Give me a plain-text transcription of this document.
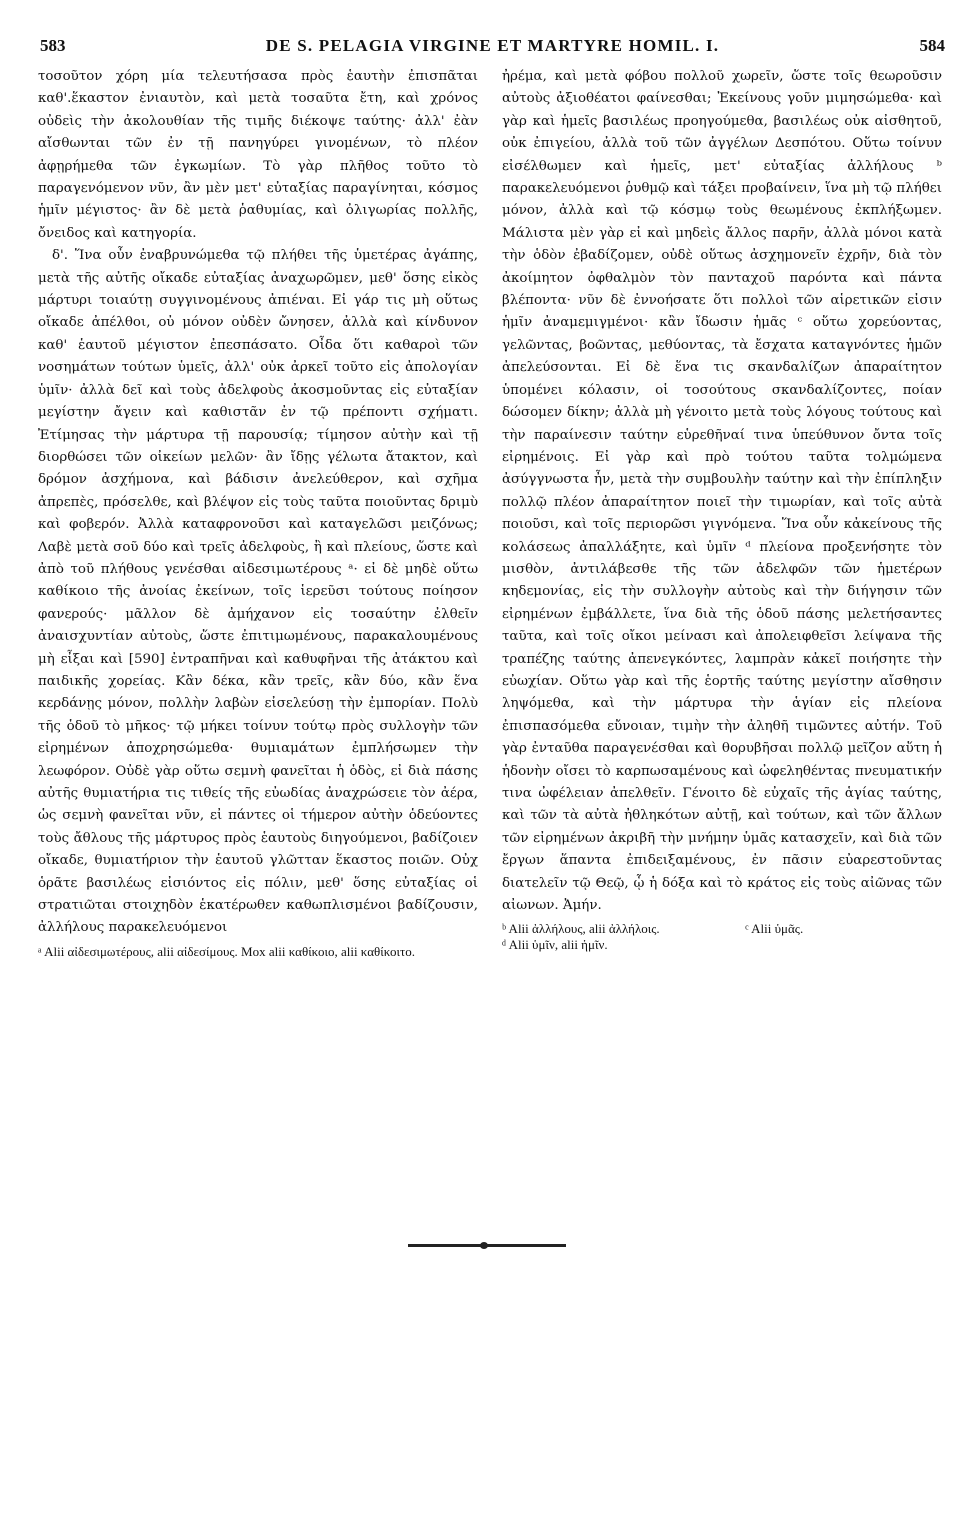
583	DE S. PELAGIA VIRGINE ET MARTYRE HOMIL. I.	584

τοσοῦτον χόρη μία τελευτήσασα πρὸς ἑαυτὴν ἐπισπᾶται καθ'.ἕκαστον ἐνιαυτὸν, καὶ μετὰ τοσαῦτα ἔτη, καὶ χρόνος οὐδεὶς τὴν ἀκολουθίαν τῆς τιμῆς διέκοψε ταύτης· ἀλλ' ἐὰν αἴσθωνται τῶν ἐν τῇ πανηγύρει γινομένων, τὸ πλέον ἀφῃρήμεθα τῶν ἐγκωμίων. Τὸ γὰρ πλῆθος τοῦτο τὸ παραγενόμενον νῦν, ἂν μὲν μετ' εὐταξίας παραγίνηται, κόσμος ἡμῖν μέγιστος· ἂν δὲ μετὰ ῥαθυμίας, καὶ ὀλιγωρίας πολλῆς, ὄνειδος καὶ κατηγορία.

δ'. Ἵνα οὖν ἐναβρυνώμεθα τῷ πλήθει τῆς ὑμετέρας ἀγάπης, μετὰ τῆς αὐτῆς οἴκαδε εὐταξίας ἀναχωρῶμεν, μεθ' ὅσης εἰκὸς μάρτυρι τοιαύτῃ συγγινομένους ἀπιέναι. Εἰ γάρ τις μὴ οὕτως οἴκαδε ἀπέλθοι, οὐ μόνον οὐδὲν ὤνησεν, ἀλλὰ καὶ κίνδυνον καθ' ἑαυτοῦ μέγιστον ἐπεσπάσατο. Οἶδα ὅτι καθαροὶ τῶν νοσημάτων τούτων ὑμεῖς, ἀλλ' οὐκ ἀρκεῖ τοῦτο εἰς ἀπολογίαν ὑμῖν· ἀλλὰ δεῖ καὶ τοὺς ἀδελφοὺς ἀκοσμοῦντας εἰς εὐταξίαν μεγίστην ἄγειν καὶ καθιστᾶν ἐν τῷ πρέποντι σχήματι. Ἐτίμησας τὴν μάρτυρα τῇ παρουσίᾳ; τίμησον αὐτὴν καὶ τῇ διορθώσει τῶν οἰκείων μελῶν· ἂν ἴδῃς γέλωτα ἄτακτον, καὶ δρόμον ἀσχήμονα, καὶ βάδισιν ἀνελεύθερον, καὶ σχῆμα ἀπρεπὲς, πρόσελθε, καὶ βλέψον εἰς τοὺς ταῦτα ποιοῦντας δριμὺ καὶ φοβερόν. Ἀλλὰ καταφρονοῦσι καὶ καταγελῶσι μειζόνως; Λαβὲ μετὰ σοῦ δύο καὶ τρεῖς ἀδελφοὺς, ἢ καὶ πλείους, ὥστε καὶ ἀπὸ τοῦ πλήθους γενέσθαι αἰδεσιμωτέρους ᵃ· εἰ δὲ μηδὲ οὕτω καθίκοιο τῆς ἀνοίας ἐκείνων, τοῖς ἱερεῦσι τούτους ποίησον φανερούς· μᾶλλον δὲ ἀμήχανον εἰς τοσαύτην ἐλθεῖν ἀναισχυντίαν αὐτοὺς, ὥστε ἐπιτιμωμένους, παρακαλουμένους μὴ εἶξαι καὶ [590] ἐντραπῆναι καὶ καθυφῆναι τῆς ἀτάκτου καὶ παιδικῆς χορείας. Κἂν δέκα, κἂν τρεῖς, κἂν δύο, κἂν ἕνα κερδάνῃς μόνον, πολλὴν λαβὼν εἰσελεύσῃ τὴν ἐμπορίαν. Πολὺ τῆς ὁδοῦ τὸ μῆκος· τῷ μήκει τοίνυν τούτῳ πρὸς συλλογὴν τῶν εἰρημένων ἀποχρησώμεθα· θυμιαμάτων ἐμπλήσωμεν τὴν λεωφόρον. Οὐδὲ γὰρ οὕτω σεμνὴ φανεῖται ἡ ὁδὸς, εἰ διὰ πάσης αὐτῆς θυμιατήρια τις τιθείς τῆς εὐωδίας ἀναχρώσειε τὸν ἀέρα, ὡς σεμνὴ φανεῖται νῦν, εἰ πάντες οἱ τήμερον αὐτὴν ὁδεύοντες τοὺς ἄθλους τῆς μάρτυρος πρὸς ἑαυτοὺς διηγούμενοι, βαδίζοιεν οἴκαδε, θυμιατήριον τὴν ἑαυτοῦ γλῶτταν ἕκαστος ποιῶν. Οὐχ ὁρᾶτε βασιλέως εἰσιόντος εἰς πόλιν, μεθ' ὅσης εὐταξίας οἱ στρατιῶται στοιχηδὸν ἑκατέρωθεν καθωπλισμένοι βαδίζουσιν, ἀλλήλους παρακελευόμενοι

ᵃ Alii αἰδεσιμωτέρους, alii αἰδεσίμους. Mox alii καθίκοιο, alii καθίκοιτο.

ἠρέμα, καὶ μετὰ φόβου πολλοῦ χωρεῖν, ὥστε τοῖς θεωροῦσιν αὐτοὺς ἀξιοθέατοι φαίνεσθαι; Ἐκείνους γοῦν μιμησώμεθα· καὶ γὰρ καὶ ἡμεῖς βασιλέως προηγούμεθα, βασιλέως οὐκ αἰσθητοῦ, οὐκ ἐπιγείου, ἀλλὰ τοῦ τῶν ἀγγέλων Δεσπότου. Οὕτω τοίνυν εἰσέλθωμεν καὶ ἡμεῖς, μετ' εὐταξίας ἀλλήλους ᵇ παρακελευόμενοι ῥυθμῷ καὶ τάξει προβαίνειν, ἵνα μὴ τῷ πλήθει μόνον, ἀλλὰ καὶ τῷ κόσμῳ τοὺς θεωμένους ἐκπλήξωμεν. Μάλιστα μὲν γὰρ εἰ καὶ μηδεὶς ἄλλος παρῆν, ἀλλὰ μόνοι κατὰ τὴν ὁδὸν ἐβαδίζομεν, οὐδὲ οὕτως ἀσχημονεῖν ἐχρῆν, διὰ τὸν ἀκοίμητον ὀφθαλμὸν τὸν πανταχοῦ παρόντα καὶ πάντα βλέποντα· νῦν δὲ ἐννοήσατε ὅτι πολλοὶ τῶν αἱρετικῶν εἰσιν ἡμῖν ἀναμεμιγμένοι· κἂν ἴδωσιν ἡμᾶς ᶜ οὕτω χορεύοντας, γελῶντας, βοῶντας, μεθύοντας, τὰ ἔσχατα καταγνόντες ἡμῶν ἀπελεύσονται. Εἰ δὲ ἕνα τις σκανδαλίζων ἀπαραίτητον ὑπομένει κόλασιν, οἱ τοσούτους σκανδαλίζοντες, ποίαν δώσομεν δίκην; ἀλλὰ μὴ γένοιτο μετὰ τοὺς λόγους τούτους καὶ τὴν παραίνεσιν ταύτην εὑρεθῆναί τινα ὑπεύθυνον ὄντα τοῖς εἰρημένοις. Εἰ γὰρ καὶ πρὸ τούτου ταῦτα τολμώμενα ἀσύγγνωστα ἦν, μετὰ τὴν συμβουλὴν ταύτην καὶ τὴν ἐπίπληξιν πολλῷ πλέον ἀπαραίτητον ποιεῖ τὴν τιμωρίαν, καὶ τοῖς αὐτὰ ποιοῦσι, καὶ τοῖς περιορῶσι γιγνόμενα. Ἵνα οὖν κἀκείνους τῆς κολάσεως ἀπαλλάξητε, καὶ ὑμῖν ᵈ πλείονα προξενήσητε τὸν μισθὸν, ἀντιλάβεσθε τῆς τῶν ἀδελφῶν τῶν ἡμετέρων κηδεμονίας, εἰς τὴν συλλογὴν αὐτοὺς καὶ τὴν διήγησιν τῶν εἰρημένων ἐμβάλλετε, ἵνα διὰ τῆς ὁδοῦ πάσης μελετήσαντες ταῦτα, καὶ τοῖς οἴκοι μείνασι καὶ ἀπολειφθεῖσι λείψανα τῆς τραπέζης ταύτης ἀπενεγκόντες, λαμπρὰν κἀκεῖ ποιήσητε τὴν εὐωχίαν. Οὕτω γὰρ καὶ τῆς ἑορτῆς ταύτης μεγίστην αἴσθησιν ληψόμεθα, καὶ τὴν μάρτυρα τὴν ἁγίαν εἰς πλείονα ἐπισπασόμεθα εὔνοιαν, τιμὴν τὴν ἀληθῆ τιμῶντες αὐτήν. Τοῦ γὰρ ἐνταῦθα παραγενέσθαι καὶ θορυβῆσαι πολλῷ μεῖζον αὕτη ἡ ἡδονὴν οἴσει τὸ καρπωσαμένους καὶ ὠφεληθέντας πνευματικήν τινα ὠφέλειαν ἀπελθεῖν. Γένοιτο δὲ εὐχαῖς τῆς ἁγίας ταύτης, καὶ τῶν τὰ αὐτὰ ἠθληκότων αὐτῇ, καὶ τούτων, καὶ τῶν ἄλλων τῶν εἰρημένων ἀκριβῆ τὴν μνήμην ὑμᾶς κατασχεῖν, καὶ διὰ τῶν ἔργων ἅπαντα ἐπιδειξαμένους, ἐν πᾶσιν εὐαρεστοῦντας διατελεῖν τῷ Θεῷ, ᾧ ἡ δόξα καὶ τὸ κράτος εἰς τοὺς αἰῶνας τῶν αἰωνων. Ἀμήν.

ᵇ Alii ἀλλήλους, alii ἀλλήλοις.	ᶜ Alii ὑμᾶς.
ᵈ Alii ὑμῖν, alii ἡμῖν.
